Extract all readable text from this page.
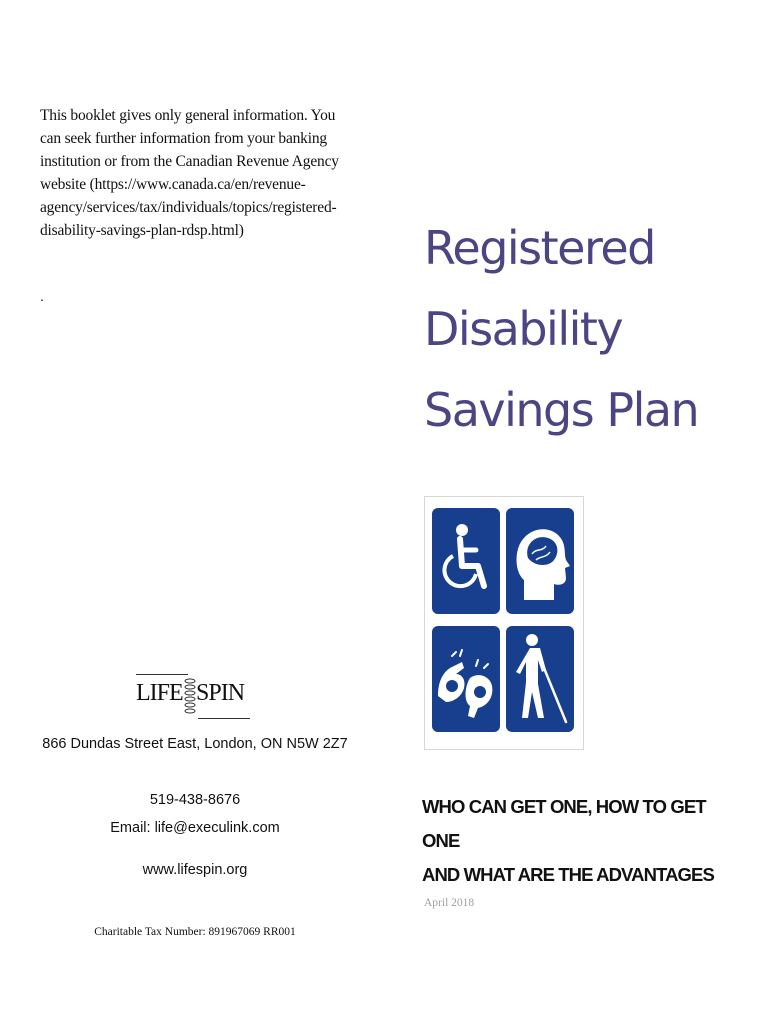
This booklet gives only general information. You can seek further information from your banking institution or from the Canadian Revenue Agency website (https://www.canada.ca/en/revenue-agency/services/tax/individuals/topics/registered-disability-savings-plan-rdsp.html)

.

LIFE SPIN

866 Dundas Street East, London, ON N5W 2Z7

519-438-8676

Email: life@execulink.com

www.lifespin.org

Charitable Tax Number: 891967069 RR001

Registered
Disability
Savings Plan
WHO CAN GET ONE, HOW TO GET ONE
AND WHAT ARE THE ADVANTAGES

April 2018
